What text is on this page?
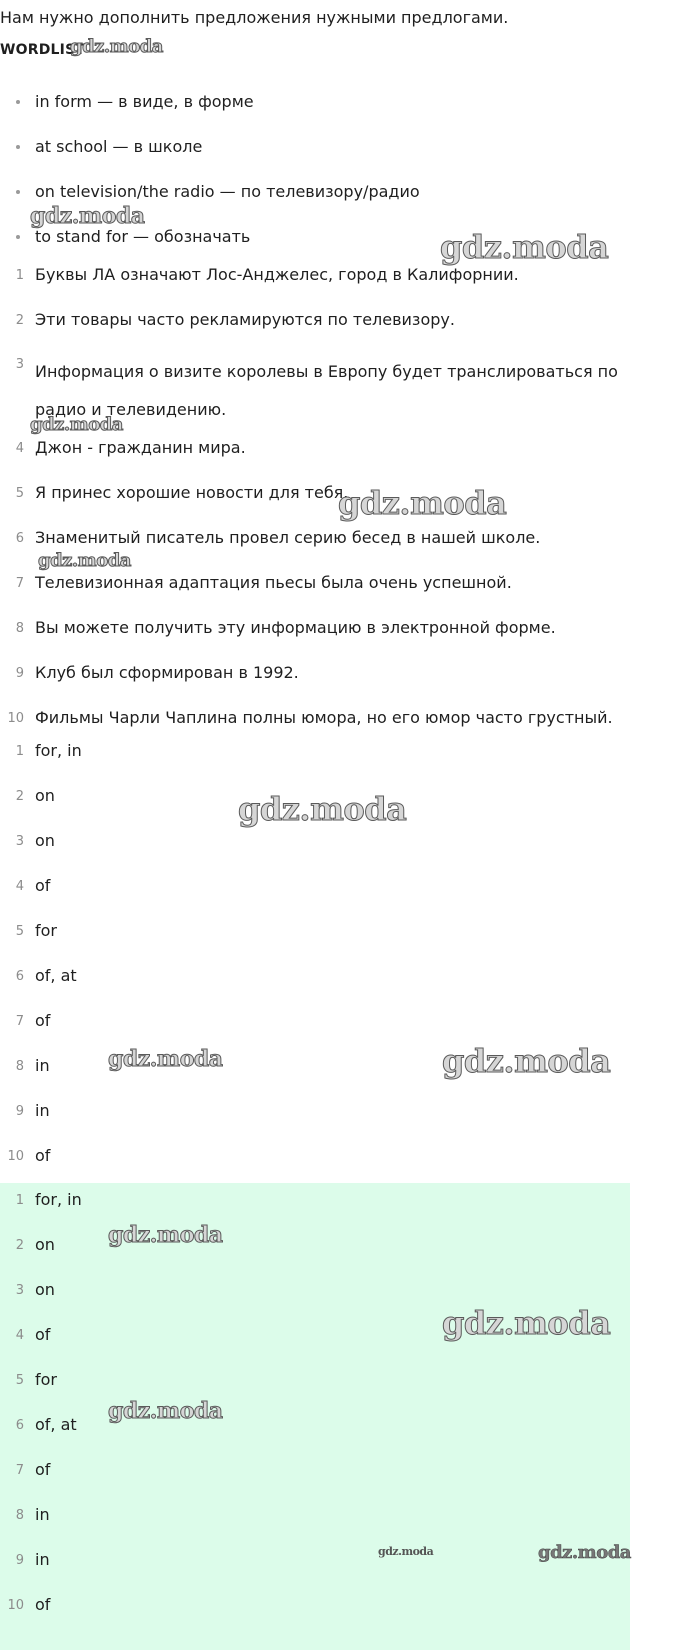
Нам нужно дополнить предложения нужными предлогами.
WORDLIST
in form — в виде, в форме
at school — в школе
on television/the radio — по телевизору/радио
to stand for — обозначать
1 Буквы ЛА означают Лос-Анджелес, город в Калифорнии.
2 Эти товары часто рекламируются по телевизору.
3 Информация о визите королевы в Европу будет транслироваться по радио и телевидению.
4 Джон - гражданин мира.
5 Я принес хорошие новости для тебя.
6 Знаменитый писатель провел серию бесед в нашей школе.
7 Телевизионная адаптация пьесы была очень успешной.
8 Вы можете получить эту информацию в электронной форме.
9 Клуб был сформирован в 1992.
10 Фильмы Чарли Чаплина полны юмора, но его юмор часто грустный.
1 for, in
2 on
3 on
4 of
5 for
6 of, at
7 of
8 in
9 in
10 of
1 for, in
2 on
3 on
4 of
5 for
6 of, at
7 of
8 in
9 in
10 of
gdz.moda
gdz.moda
gdz.moda
gdz.moda
gdz.moda
gdz.moda
gdz.moda
gdz.moda	gdz.moda
gdz.moda
gdz.moda
gdz.moda
gdz.moda	gdz.moda
